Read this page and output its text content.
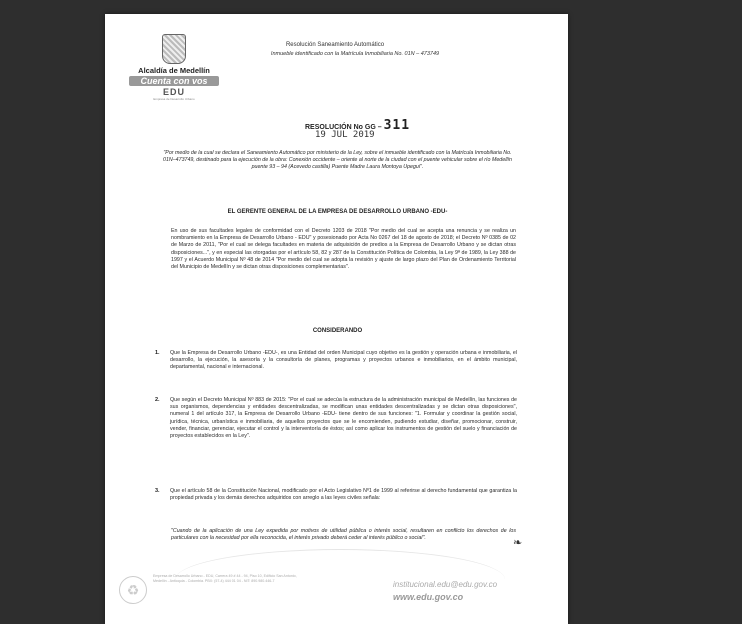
Alcaldía de Medellín
Cuenta con vos
EDU
Empresa de Desarrollo Urbano
Resolución Saneamiento Automático
Inmueble identificado con la Matrícula Inmobiliaria No. 01N – 473749
RESOLUCIÓN No GG – 311
19 JUL 2019
"Por medio de la cual se declara el Saneamiento Automático por ministerio de la Ley, sobre el inmueble identificado con la Matrícula Inmobiliaria No. 01N–473749, destinado para la ejecución de la obra: Conexión occidente – oriente al norte de la ciudad con el puente vehicular sobre el río Medellín puente 93 – 94 (Acevedo castilla) Puente Madre Laura Montoya Upegui".
EL GERENTE GENERAL DE LA EMPRESA DE DESARROLLO URBANO -EDU-
En uso de sus facultades legales de conformidad con el Decreto 1203 de 2018 "Por medio del cual se acepta una renuncia y se realiza un nombramiento en la Empresa de Desarrollo Urbano - EDU" y posesionado por Acta No 0267 del 18 de agosto de 2018; el Decreto Nº 0385 de 02 de Marzo de 2011, "Por el cual se delega facultades en materia de adquisición de predios a la Empresa de Desarrollo Urbano y se dictan otras disposiciones...", y en especial las otorgadas por el artículo 58, 82 y 287 de la Constitución Política de Colombia, la Ley 9ª de 1989, la Ley 388 de 1997 y el Acuerdo Municipal Nº 48 de 2014 "Por medio del cual se adopta la revisión y ajuste de largo plazo del Plan de Ordenamiento Territorial del Municipio de Medellín y se dictan otras disposiciones complementarias".
CONSIDERANDO
1. Que la Empresa de Desarrollo Urbano -EDU-, es una Entidad del orden Municipal cuyo objetivo es la gestión y operación urbana e inmobiliaria, el desarrollo, la ejecución, la asesoría y la consultoría de planes, programas y proyectos urbanos e inmobiliarios, en el ámbito municipal, departamental, nacional e internacional.
2. Que según el Decreto Municipal Nº 883 de 2015: "Por el cual se adecúa la estructura de la administración municipal de Medellín, las funciones de sus organismos, dependencias y entidades descentralizadas, se modifican unas entidades descentralizadas y se dictan otras disposiciones", numeral 1 del artículo 317, la Empresa de Desarrollo Urbano -EDU- tiene dentro de sus funciones: "1. Formular y coordinar la gestión social, jurídica, técnica, urbanística e inmobiliaria, de aquellos proyectos que se le encomienden, pudiendo estudiar, diseñar, promocionar, construir, vender, financiar, gerenciar, ejecutar el control y la interventoría de éstos; así como aplicar los instrumentos de gestión del suelo y financiación de proyectos establecidos en la Ley".
3. Que el artículo 58 de la Constitución Nacional, modificado por el Acto Legislativo Nº1 de 1999 al referirse al derecho fundamental que garantiza la propiedad privada y los demás derechos adquiridos con arreglo a las leyes civiles señala:
"Cuando de la aplicación de una Ley expedida por motivos de utilidad pública o interés social, resultaren en conflicto los derechos de los particulares con la necesidad por ella reconocida, el interés privado deberá ceder al interés público o social".	❧
♻
Empresa de Desarrollo Urbano - EDU, Carrera 49 # 44 - 94, Piso 10, Edificio San Antonio, Medellín - Antioquia - Colombia. PBX: (57-4) 444 01 04 - NIT: 890.980.446-7	institucional.edu@edu.gov.co
www.edu.gov.co
